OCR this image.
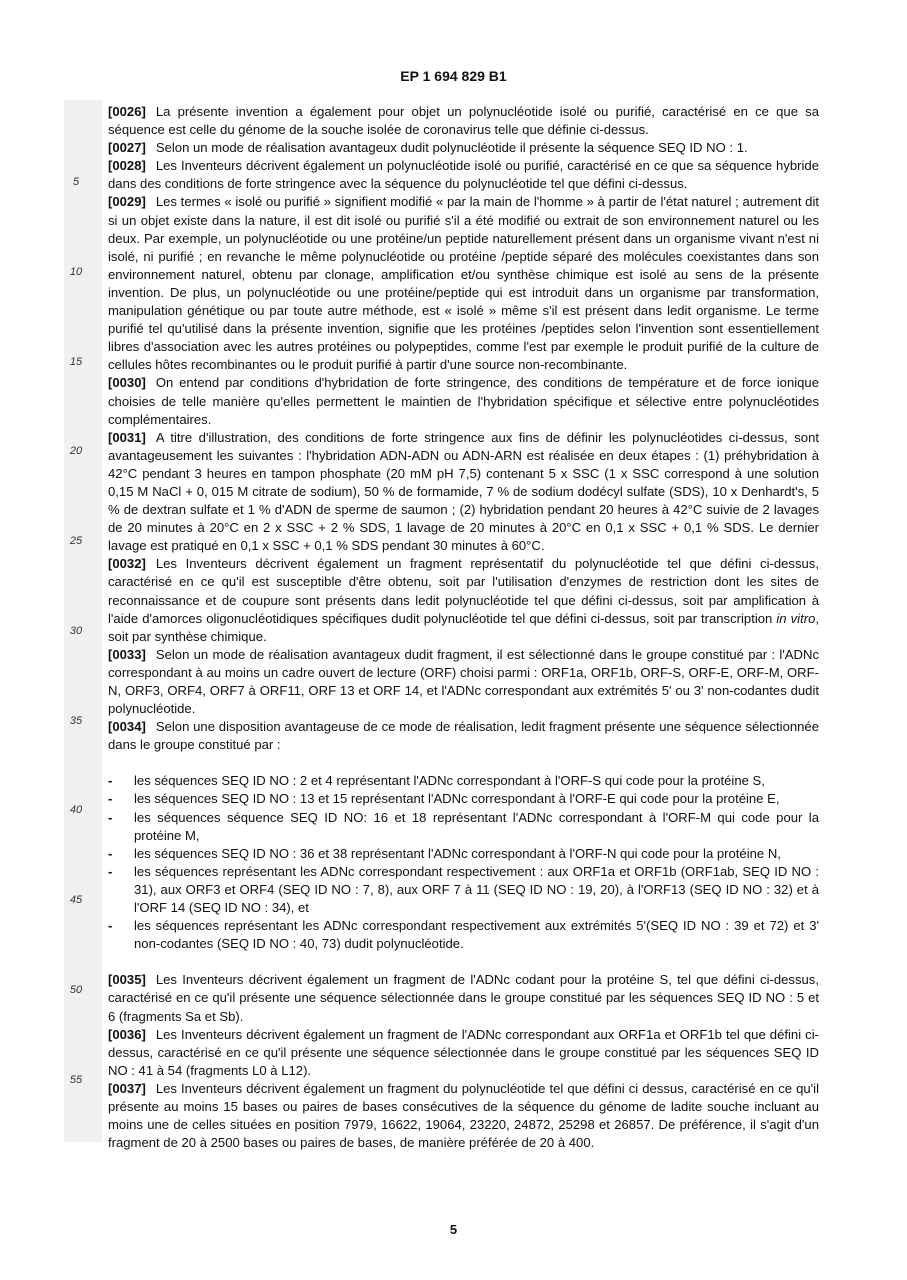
EP 1 694 829 B1
5
10
15
20
25
30
35
40
45
50
55

[0026] La présente invention a également pour objet un polynucléotide isolé ou purifié, caractérisé en ce que sa séquence est celle du génome de la souche isolée de coronavirus telle que définie ci-dessus.

[0027] Selon un mode de réalisation avantageux dudit polynucléotide il présente la séquence SEQ ID NO : 1.

[0028] Les Inventeurs décrivent également un polynucléotide isolé ou purifié, caractérisé en ce que sa séquence hybride dans des conditions de forte stringence avec la séquence du polynucléotide tel que défini ci-dessus.

[0029] Les termes « isolé ou purifié » signifient modifié « par la main de l'homme » à partir de l'état naturel ; autrement dit si un objet existe dans la nature, il est dit isolé ou purifié s'il a été modifié ou extrait de son environnement naturel ou les deux. Par exemple, un polynucléotide ou une protéine/un peptide naturellement présent dans un organisme vivant n'est ni isolé, ni purifié ; en revanche le même polynucléotide ou protéine /peptide séparé des molécules coexistantes dans son environnement naturel, obtenu par clonage, amplification et/ou synthèse chimique est isolé au sens de la présente invention. De plus, un polynucléotide ou une protéine/peptide qui est introduit dans un organisme par transformation, manipulation génétique ou par toute autre méthode, est « isolé » même s'il est présent dans ledit organisme. Le terme purifié tel qu'utilisé dans la présente invention, signifie que les protéines /peptides selon l'invention sont essentiellement libres d'association avec les autres protéines ou polypeptides, comme l'est par exemple le produit purifié de la culture de cellules hôtes recombinantes ou le produit purifié à partir d'une source non-recombinante.

[0030] On entend par conditions d'hybridation de forte stringence, des conditions de température et de force ionique choisies de telle manière qu'elles permettent le maintien de l'hybridation spécifique et sélective entre polynucléotides complémentaires.

[0031] A titre d'illustration, des conditions de forte stringence aux fins de définir les polynucléotides ci-dessus, sont avantageusement les suivantes : l'hybridation ADN-ADN ou ADN-ARN est réalisée en deux étapes : (1) préhybridation à 42°C pendant 3 heures en tampon phosphate (20 mM pH 7,5) contenant 5 x SSC (1 x SSC correspond à une solution 0,15 M NaCl + 0, 015 M citrate de sodium), 50 % de formamide, 7 % de sodium dodécyl sulfate (SDS), 10 x Denhardt's, 5 % de dextran sulfate et 1 % d'ADN de sperme de saumon ; (2) hybridation pendant 20 heures à 42°C suivie de 2 lavages de 20 minutes à 20°C en 2 x SSC + 2 % SDS, 1 lavage de 20 minutes à 20°C en 0,1 x SSC + 0,1 % SDS. Le dernier lavage est pratiqué en 0,1 x SSC + 0,1 % SDS pendant 30 minutes à 60°C.

[0032] Les Inventeurs décrivent également un fragment représentatif du polynucléotide tel que défini ci-dessus, caractérisé en ce qu'il est susceptible d'être obtenu, soit par l'utilisation d'enzymes de restriction dont les sites de reconnaissance et de coupure sont présents dans ledit polynucléotide tel que défini ci-dessus, soit par amplification à l'aide d'amorces oligonucléotidiques spécifiques dudit polynucléotide tel que défini ci-dessus, soit par transcription in vitro, soit par synthèse chimique.

[0033] Selon un mode de réalisation avantageux dudit fragment, il est sélectionné dans le groupe constitué par : l'ADNc correspondant à au moins un cadre ouvert de lecture (ORF) choisi parmi : ORF1a, ORF1b, ORF-S, ORF-E, ORF-M, ORF-N, ORF3, ORF4, ORF7 à ORF11, ORF 13 et ORF 14, et l'ADNc correspondant aux extrémités 5' ou 3' non-codantes dudit polynucléotide.

[0034] Selon une disposition avantageuse de ce mode de réalisation, ledit fragment présente une séquence sélectionnée dans le groupe constitué par :

- les séquences SEQ ID NO : 2 et 4 représentant l'ADNc correspondant à l'ORF-S qui code pour la protéine S,
- les séquences SEQ ID NO : 13 et 15 représentant l'ADNc correspondant à l'ORF-E qui code pour la protéine E,
- les séquences séquence SEQ ID NO: 16 et 18 représentant l'ADNc correspondant à l'ORF-M qui code pour la protéine M,
- les séquences SEQ ID NO : 36 et 38 représentant l'ADNc correspondant à l'ORF-N qui code pour la protéine N,
- les séquences représentant les ADNc correspondant respectivement : aux ORF1a et ORF1b (ORF1ab, SEQ ID NO : 31), aux ORF3 et ORF4 (SEQ ID NO : 7, 8), aux ORF 7 à 11 (SEQ ID NO : 19, 20), à l'ORF13 (SEQ ID NO : 32) et à l'ORF 14 (SEQ ID NO : 34), et
- les séquences représentant les ADNc correspondant respectivement aux extrémités 5'(SEQ ID NO : 39 et 72) et 3' non-codantes (SEQ ID NO : 40, 73) dudit polynucléotide.

[0035] Les Inventeurs décrivent également un fragment de l'ADNc codant pour la protéine S, tel que défini ci-dessus, caractérisé en ce qu'il présente une séquence sélectionnée dans le groupe constitué par les séquences SEQ ID NO : 5 et 6 (fragments Sa et Sb).

[0036] Les Inventeurs décrivent également un fragment de l'ADNc correspondant aux ORF1a et ORF1b tel que défini ci-dessus, caractérisé en ce qu'il présente une séquence sélectionnée dans le groupe constitué par les séquences SEQ ID NO : 41 à 54 (fragments L0 à L12).

[0037] Les Inventeurs décrivent également un fragment du polynucléotide tel que défini ci dessus, caractérisé en ce qu'il présente au moins 15 bases ou paires de bases consécutives de la séquence du génome de ladite souche incluant au moins une de celles situées en position 7979, 16622, 19064, 23220, 24872, 25298 et 26857. De préférence, il s'agit d'un fragment de 20 à 2500 bases ou paires de bases, de manière préférée de 20 à 400.

5
